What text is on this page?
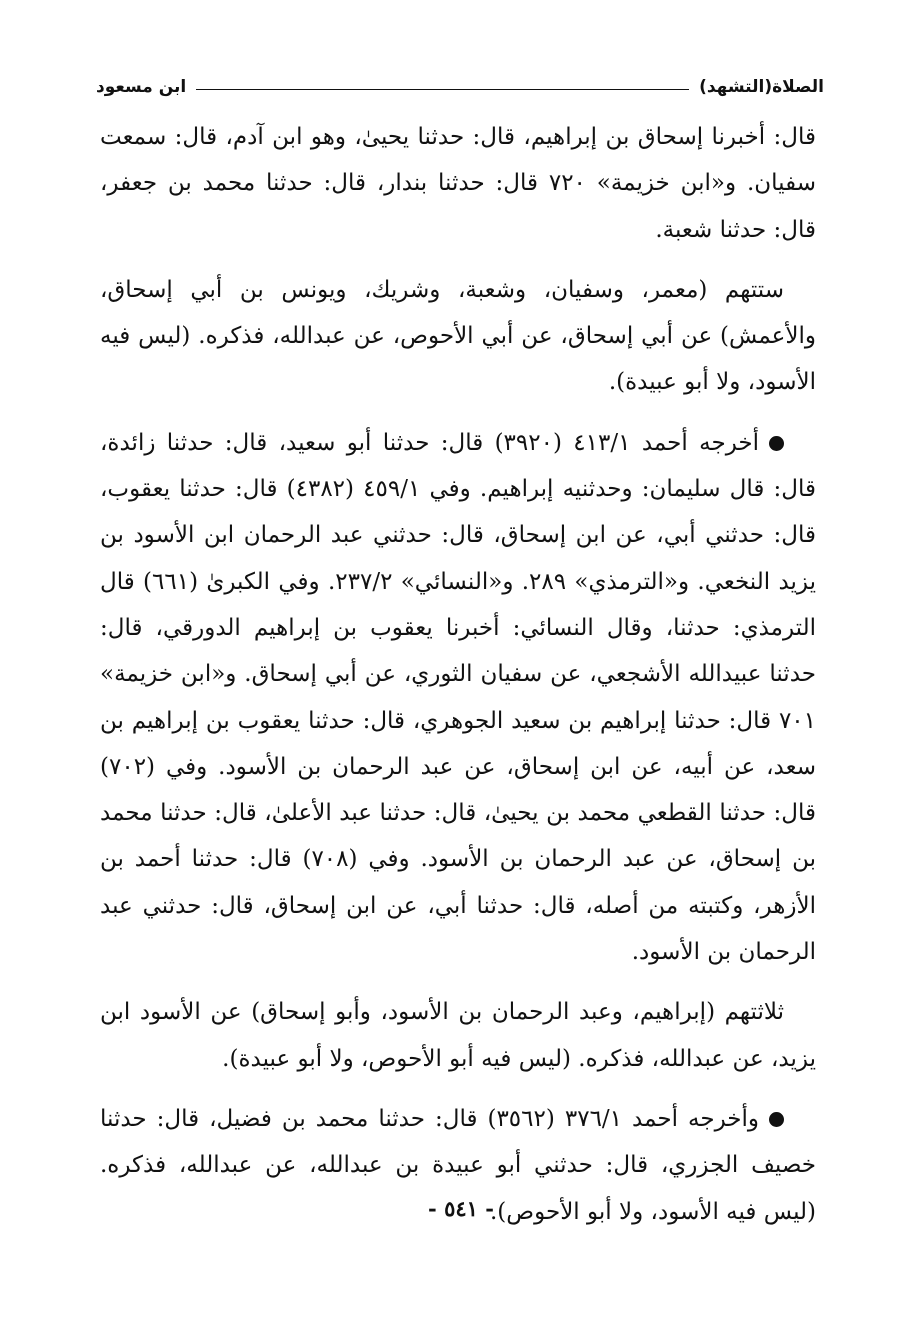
الصلاة(التشهد)
ابن مسعود

قال: أخبرنا إسحاق بن إبراهيم، قال: حدثنا يحيىٰ، وهو ابن آدم، قال: سمعت سفيان. و«ابن خزيمة» ٧٢٠ قال: حدثنا بندار، قال: حدثنا محمد بن جعفر، قال: حدثنا شعبة.

ستتهم (معمر، وسفيان، وشعبة، وشريك، ويونس بن أبي إسحاق، والأعمش) عن أبي إسحاق، عن أبي الأحوص، عن عبدالله، فذكره. (ليس فيه الأسود، ولا أبو عبيدة).

أخرجه أحمد ٤١٣/١ (٣٩٢٠) قال: حدثنا أبو سعيد، قال: حدثنا زائدة، قال: قال سليمان: وحدثنيه إبراهيم. وفي ٤٥٩/١ (٤٣٨٢) قال: حدثنا يعقوب، قال: حدثني أبي، عن ابن إسحاق، قال: حدثني عبد الرحمان ابن الأسود بن يزيد النخعي. و«الترمذي» ٢٨٩. و«النسائي» ٢٣٧/٢. وفي الكبرىٰ (٦٦١) قال الترمذي: حدثنا، وقال النسائي: أخبرنا يعقوب بن إبراهيم الدورقي، قال: حدثنا عبيدالله الأشجعي، عن سفيان الثوري، عن أبي إسحاق. و«ابن خزيمة» ٧٠١ قال: حدثنا إبراهيم بن سعيد الجوهري، قال: حدثنا يعقوب بن إبراهيم بن سعد، عن أبيه، عن ابن إسحاق، عن عبد الرحمان بن الأسود. وفي (٧٠٢) قال: حدثنا القطعي محمد بن يحيىٰ، قال: حدثنا عبد الأعلىٰ، قال: حدثنا محمد بن إسحاق، عن عبد الرحمان بن الأسود. وفي (٧٠٨) قال: حدثنا أحمد بن الأزهر، وكتبته من أصله، قال: حدثنا أبي، عن ابن إسحاق، قال: حدثني عبد الرحمان بن الأسود.

ثلاثتهم (إبراهيم، وعبد الرحمان بن الأسود، وأبو إسحاق) عن الأسود ابن يزيد، عن عبدالله، فذكره. (ليس فيه أبو الأحوص، ولا أبو عبيدة).

وأخرجه أحمد ٣٧٦/١ (٣٥٦٢) قال: حدثنا محمد بن فضيل، قال: حدثنا خصيف الجزري، قال: حدثني أبو عبيدة بن عبدالله، عن عبدالله، فذكره. (ليس فيه الأسود، ولا أبو الأحوص).

- ٥٤١ -
